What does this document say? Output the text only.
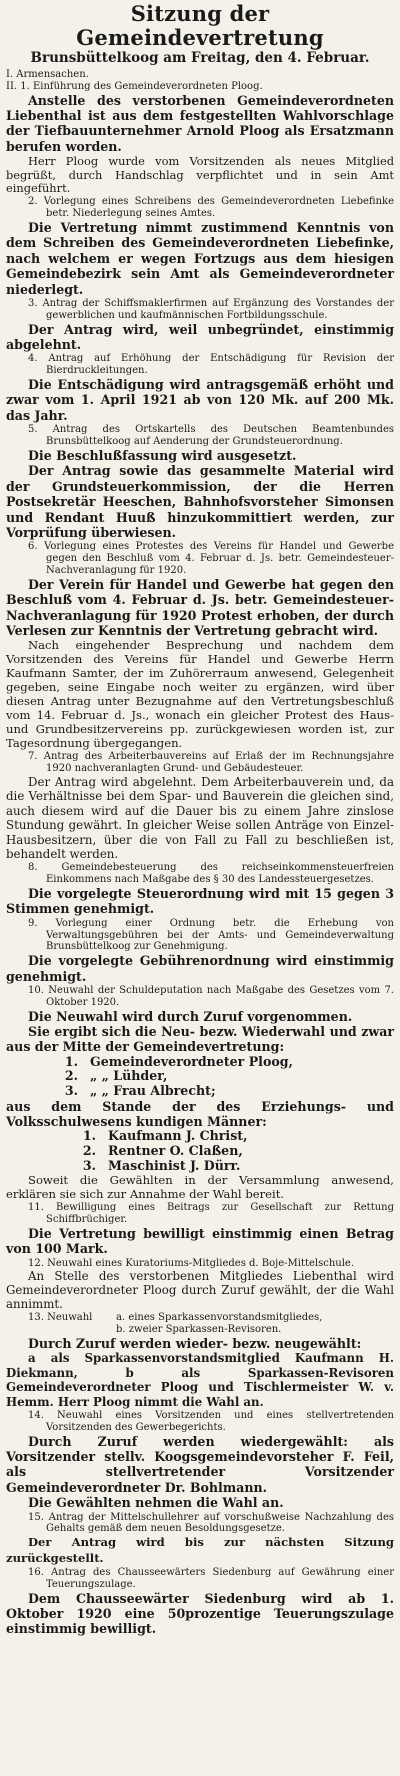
Sitzung der Gemeindevertretung
Brunsbüttelkoog am Freitag, den 4. Februar.

I. Armensachen.

II. 1. Einführung des Gemeindeverordneten Ploog.

Anstelle des verstorbenen Gemeindeverordneten Liebenthal ist aus dem festgestellten Wahlvorschlage der Tiefbauunternehmer Arnold Ploog als Ersatzmann berufen worden.

Herr Ploog wurde vom Vorsitzenden als neues Mitglied begrüßt, durch Handschlag verpflichtet und in sein Amt eingeführt.

2. Vorlegung eines Schreibens des Gemeindeverordneten Liebefinke betr. Niederlegung seines Amtes.

Die Vertretung nimmt zustimmend Kenntnis von dem Schreiben des Gemeindeverordneten Liebefinke, nach welchem er wegen Fortzugs aus dem hiesigen Gemeindebezirk sein Amt als Gemeindeverordneter niederlegt.

3. Antrag der Schiffsmaklerfirmen auf Ergänzung des Vorstandes der gewerblichen und kaufmännischen Fortbildungsschule.

Der Antrag wird, weil unbegründet, einstimmig abgelehnt.

4. Antrag auf Erhöhung der Entschädigung für Revision der Bierdruckleitungen.

Die Entschädigung wird antragsgemäß erhöht und zwar vom 1. April 1921 ab von 120 Mk. auf 200 Mk. das Jahr.

5. Antrag des Ortskartells des Deutschen Beamtenbundes Brunsbüttelkoog auf Aenderung der Grundsteuerordnung.

Die Beschlußfassung wird ausgesetzt.

Der Antrag sowie das gesammelte Material wird der Grundsteuerkommission, der die Herren Postsekretär Heeschen, Bahnhofsvorsteher Simonsen und Rendant Huuß hinzukommittiert werden, zur Vorprüfung überwiesen.

6. Vorlegung eines Protestes des Vereins für Handel und Gewerbe gegen den Beschluß vom 4. Februar d. Js. betr. Gemeindesteuer-Nachveranlagung für 1920.

Der Verein für Handel und Gewerbe hat gegen den Beschluß vom 4. Februar d. Js. betr. Gemeindesteuer-Nachveranlagung für 1920 Protest erhoben, der durch Verlesen zur Kenntnis der Vertretung gebracht wird.

Nach eingehender Besprechung und nachdem dem Vorsitzenden des Vereins für Handel und Gewerbe Herrn Kaufmann Samter, der im Zuhörerraum anwesend, Gelegenheit gegeben, seine Eingabe noch weiter zu ergänzen, wird über diesen Antrag unter Bezugnahme auf den Vertretungsbeschluß vom 14. Februar d. Js., wonach ein gleicher Protest des Haus- und Grundbesitzervereins pp. zurückgewiesen worden ist, zur Tagesordnung übergegangen.

7. Antrag des Arbeiterbauvereins auf Erlaß der im Rechnungsjahre 1920 nachveranlagten Grund- und Gebäudesteuer.

Der Antrag wird abgelehnt. Dem Arbeiterbauverein und, da die Verhältnisse bei dem Spar- und Bauverein die gleichen sind, auch diesem wird auf die Dauer bis zu einem Jahre zinslose Stundung gewährt. In gleicher Weise sollen Anträge von Einzel-Hausbesitzern, über die von Fall zu Fall zu beschließen ist, behandelt werden.

8. Gemeindebesteuerung des reichseinkommensteuerfreien Einkommens nach Maßgabe des § 30 des Landessteuergesetzes.

Die vorgelegte Steuerordnung wird mit 15 gegen 3 Stimmen genehmigt.

9. Vorlegung einer Ordnung betr. die Erhebung von Verwaltungsgebühren bei der Amts- und Gemeindeverwaltung Brunsbüttelkoog zur Genehmigung.

Die vorgelegte Gebührenordnung wird einstimmig genehmigt.

10. Neuwahl der Schuldeputation nach Maßgabe des Gesetzes vom 7. Oktober 1920.

Die Neuwahl wird durch Zuruf vorgenommen.

Sie ergibt sich die Neu- bezw. Wiederwahl und zwar aus der Mitte der Gemeindevertretung:

1. Gemeindeverordneter Ploog,
2. „ „ Lühder,
3. „ „ Frau Albrecht;

aus dem Stande der des Erziehungs- und Volksschulwesens kundigen Männer:

1. Kaufmann J. Christ,
2. Rentner O. Claßen,
3. Maschinist J. Dürr.

Soweit die Gewählten in der Versammlung anwesend, erklären sie sich zur Annahme der Wahl bereit.

11. Bewilligung eines Beitrags zur Gesellschaft zur Rettung Schiffbrüchiger.

Die Vertretung bewilligt einstimmig einen Betrag von 100 Mark.

12. Neuwahl eines Kuratoriums-Mitgliedes d. Boje-Mittelschule.

An Stelle des verstorbenen Mitgliedes Liebenthal wird Gemeindeverordneter Ploog durch Zuruf gewählt, der die Wahl annimmt.

13. Neuwahl	a. eines Sparkassenvorstandsmitgliedes,
b. zweier Sparkassen-Revisoren.

Durch Zuruf werden wieder- bezw. neugewählt:

a als Sparkassenvorstandsmitglied Kaufmann H. Diekmann, b als Sparkassen-Revisoren Gemeindeverordneter Ploog und Tischlermeister W. v. Hemm. Herr Ploog nimmt die Wahl an.

14. Neuwahl eines Vorsitzenden und eines stellvertretenden Vorsitzenden des Gewerbegerichts.

Durch Zuruf werden wiedergewählt: als Vorsitzender stellv. Koogsgemeindevorsteher F. Feil, als stellvertretender Vorsitzender Gemeindeverordneter Dr. Bohlmann.

Die Gewählten nehmen die Wahl an.

15. Antrag der Mittelschullehrer auf vorschußweise Nachzahlung des Gehalts gemäß dem neuen Besoldungsgesetze.

Der Antrag wird bis zur nächsten Sitzung zurückgestellt.

16. Antrag des Chausseewärters Siedenburg auf Gewährung einer Teuerungszulage.

Dem Chausseewärter Siedenburg wird ab 1. Oktober 1920 eine 50prozentige Teuerungszulage einstimmig bewilligt.
